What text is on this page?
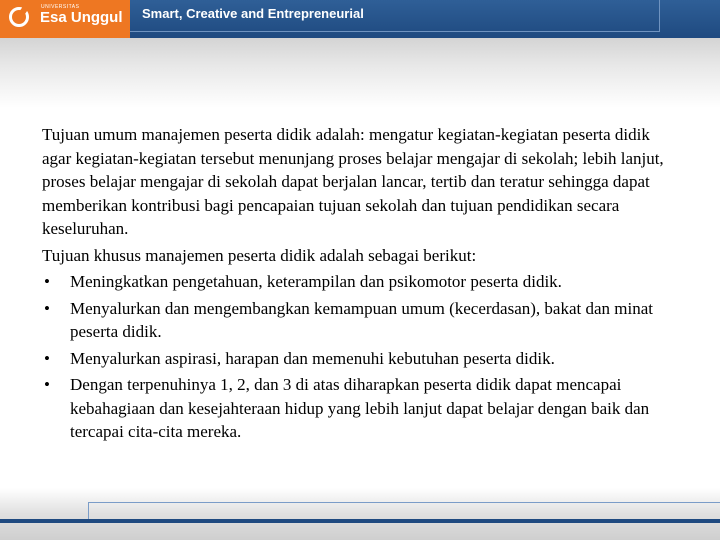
UNIVERSITAS
Esa Unggul Smart, Creative and Entrepreneurial

Tujuan umum manajemen peserta didik adalah: mengatur kegiatan-kegiatan peserta didik agar kegiatan-kegiatan tersebut menunjang proses belajar mengajar di sekolah; lebih lanjut, proses belajar mengajar di sekolah dapat berjalan lancar, tertib dan teratur sehingga dapat memberikan kontribusi bagi pencapaian tujuan sekolah dan tujuan pendidikan secara keseluruhan.

Tujuan khusus manajemen peserta didik adalah sebagai berikut:

• Meningkatkan pengetahuan, keterampilan dan psikomotor peserta didik.
• Menyalurkan dan mengembangkan kemampuan umum (kecerdasan), bakat dan minat peserta didik.
• Menyalurkan aspirasi, harapan dan memenuhi kebutuhan peserta didik.
• Dengan terpenuhinya 1, 2, dan 3 di atas diharapkan peserta didik dapat mencapai kebahagiaan dan kesejahteraan hidup yang lebih lanjut dapat belajar dengan baik dan tercapai cita-cita mereka.
